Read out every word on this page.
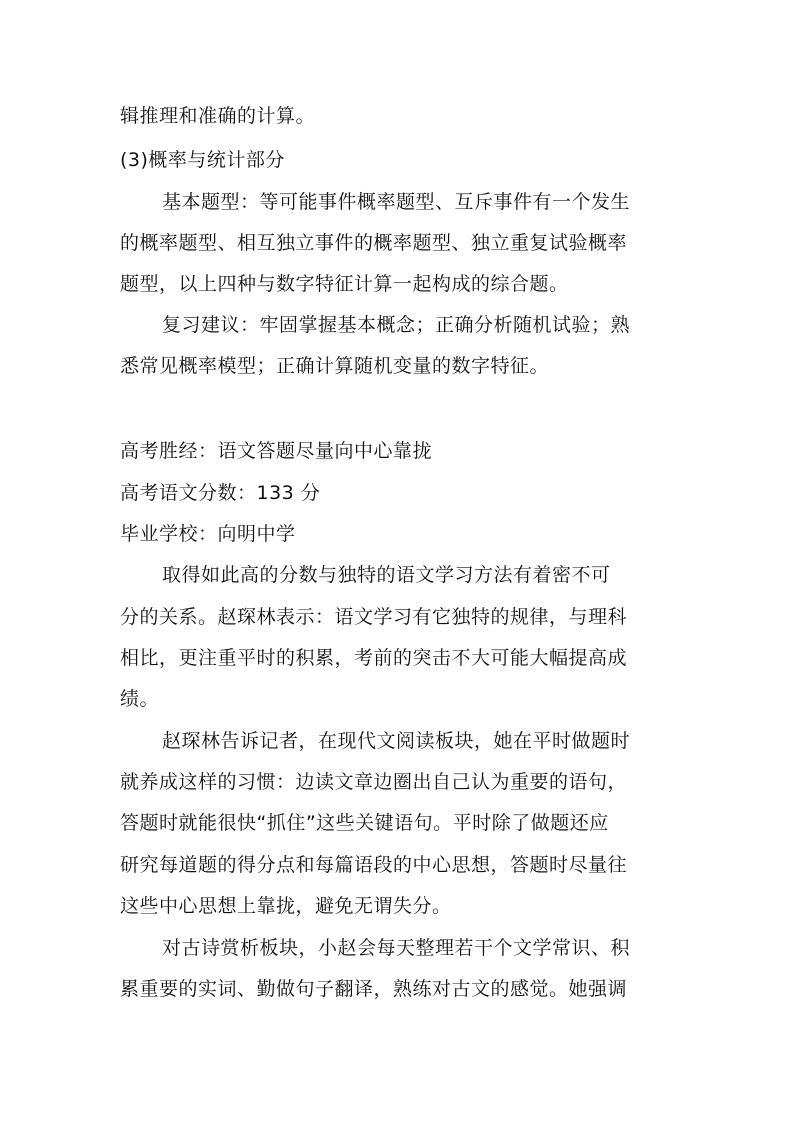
辑推理和准确的计算。
(3)概率与统计部分
基本题型：等可能事件概率题型、互斥事件有一个发生
的概率题型、相互独立事件的概率题型、独立重复试验概率
题型，以上四种与数字特征计算一起构成的综合题。
复习建议：牢固掌握基本概念；正确分析随机试验；熟
悉常见概率模型；正确计算随机变量的数字特征。
高考胜经：语文答题尽量向中心靠拢
高考语文分数：133 分
毕业学校：向明中学
取得如此高的分数与独特的语文学习方法有着密不可
分的关系。赵琛林表示：语文学习有它独特的规律，与理科
相比，更注重平时的积累，考前的突击不大可能大幅提高成
绩。
赵琛林告诉记者，在现代文阅读板块，她在平时做题时
就养成这样的习惯：边读文章边圈出自己认为重要的语句，
答题时就能很快“抓住”这些关键语句。平时除了做题还应
研究每道题的得分点和每篇语段的中心思想，答题时尽量往
这些中心思想上靠拢，避免无谓失分。
对古诗赏析板块，小赵会每天整理若干个文学常识、积
累重要的实词、勤做句子翻译，熟练对古文的感觉。她强调
